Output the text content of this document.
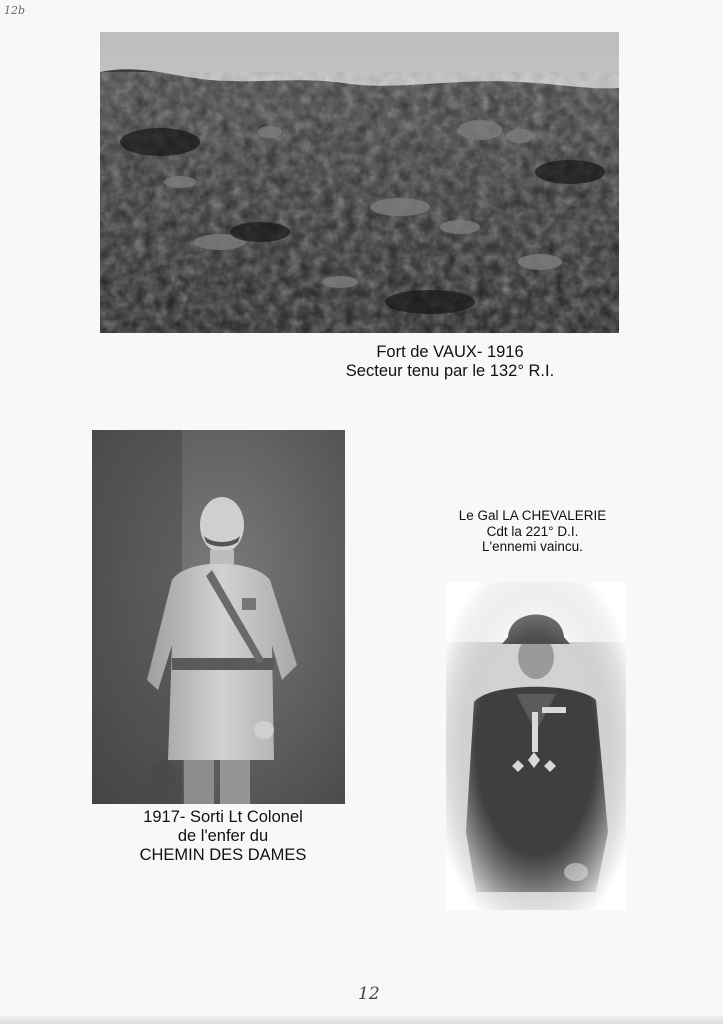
12b
Fort de VAUX- 1916
Secteur tenu par le 132° R.I.
1917- Sorti Lt Colonel
de l'enfer du
CHEMIN DES DAMES
Le Gal LA CHEVALERIE
Cdt la 221° D.I.
L'ennemi vaincu.
12
